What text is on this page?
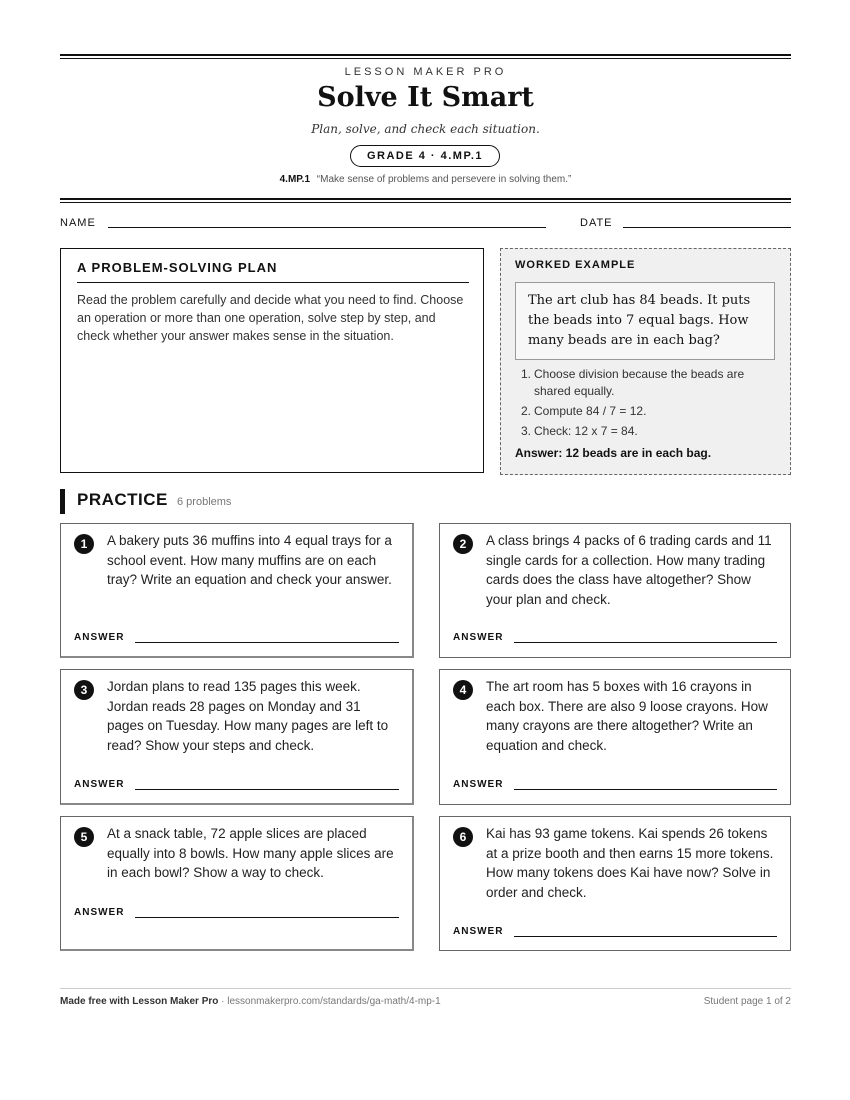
LESSON MAKER PRO
Solve It Smart
Plan, solve, and check each situation.
GRADE 4 · 4.MP.1
4.MP.1 “Make sense of problems and persevere in solving them.”
NAME	DATE
A PROBLEM-SOLVING PLAN
Read the problem carefully and decide what you need to find. Choose an operation or more than one operation, solve step by step, and check whether your answer makes sense in the situation.
WORKED EXAMPLE
The art club has 84 beads. It puts the beads into 7 equal bags. How many beads are in each bag?
1. Choose division because the beads are shared equally.
2. Compute 84 / 7 = 12.
3. Check: 12 x 7 = 84.
Answer: 12 beads are in each bag.
PRACTICE 6 problems
1	A bakery puts 36 muffins into 4 equal trays for a school event. How many muffins are on each tray? Write an equation and check your answer.
ANSWER
2	A class brings 4 packs of 6 trading cards and 11 single cards for a collection. How many trading cards does the class have altogether? Show your plan and check.
ANSWER
3	Jordan plans to read 135 pages this week. Jordan reads 28 pages on Monday and 31 pages on Tuesday. How many pages are left to read? Show your steps and check.
ANSWER
4	The art room has 5 boxes with 16 crayons in each box. There are also 9 loose crayons. How many crayons are there altogether? Write an equation and check.
ANSWER
5	At a snack table, 72 apple slices are placed equally into 8 bowls. How many apple slices are in each bowl? Show a way to check.
ANSWER
6	Kai has 93 game tokens. Kai spends 26 tokens at a prize booth and then earns 15 more tokens. How many tokens does Kai have now? Solve in order and check.
ANSWER
Made free with Lesson Maker Pro · lessonmakerpro.com/standards/ga-math/4-mp-1	Student page 1 of 2
